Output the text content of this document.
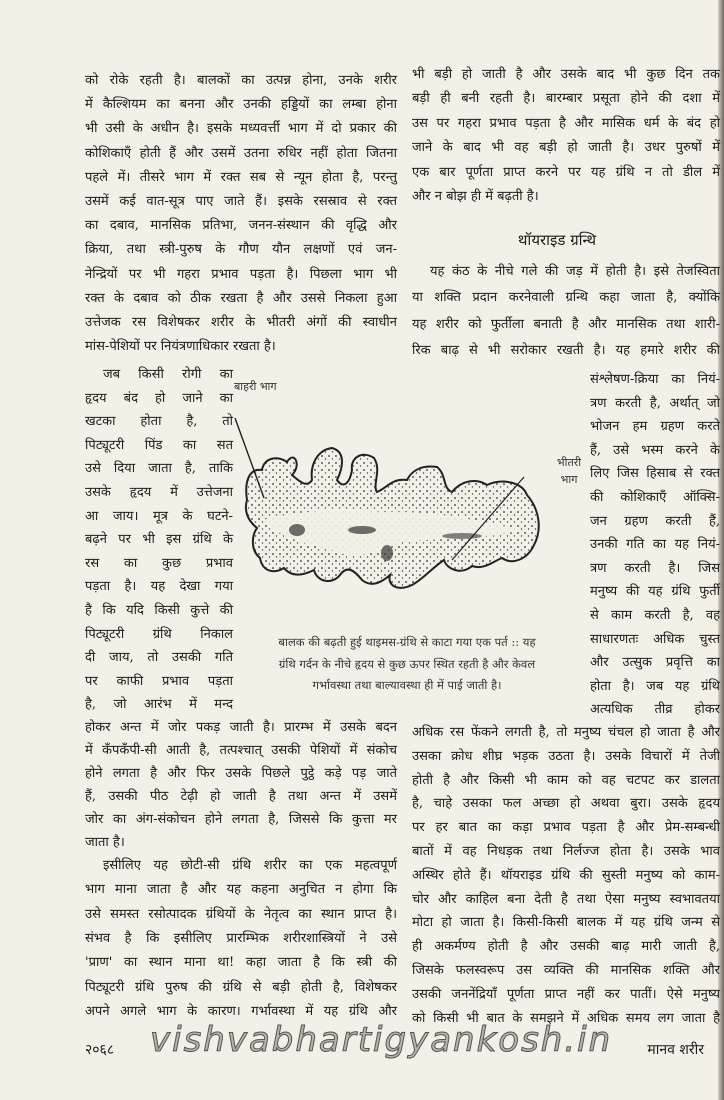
को रोके रहती है। बालकों का उत्पन्न होना, उनके शरीर
में कैल्शियम का बनना और उनकी हड्डियों का लम्बा होना
भी उसी के अधीन है। इसके मध्यवर्त्ती भाग में दो प्रकार की
कोशिकाएँ होती हैं और उसमें उतना रुधिर नहीं होता जितना
पहले में। तीसरे भाग में रक्त सब से न्यून होता है, परन्तु
उसमें कई वात-सूत्र पाए जाते हैं। इसके रसस्राव से रक्त
का दबाव, मानसिक प्रतिभा, जनन-संस्थान की वृद्धि और
क्रिया, तथा स्त्री-पुरुष के गौण यौन लक्षणों एवं जन-
नेन्द्रियों पर भी गहरा प्रभाव पड़ता है। पिछला भाग भी
रक्त के दबाव को ठीक रखता है और उससे निकला हुआ
उत्तेजक रस विशेषकर शरीर के भीतरी अंगों की स्वाधीन
मांस-पेशियों पर नियंत्रणाधिकार रखता है।
जब किसी रोगी का
हृदय बंद हो जाने का
खटका होता है, तो
पिट्यूटरी पिंड का सत
उसे दिया जाता है, ताकि
उसके हृदय में उत्तेजना
आ जाय। मूत्र के घटने-
बढ़ने पर भी इस ग्रंथि के
रस का कुछ प्रभाव
पड़ता है। यह देखा गया
है कि यदि किसी कुत्ते की
पिट्यूटरी ग्रंथि निकाल
दी जाय, तो उसकी गति
पर काफी प्रभाव पड़ता
है, जो आरंभ में मन्द
होकर अन्त में जोर पकड़ जाती है। प्रारम्भ में उसके बदन
में कँपकँपी-सी आती है, तत्पश्चात् उसकी पेशियों में संकोच
होने लगता है और फिर उसके पिछले पुट्ठे कड़े पड़ जाते
हैं, उसकी पीठ टेढ़ी हो जाती है तथा अन्त में उसमें
जोर का अंग-संकोचन होने लगता है, जिससे कि कुत्ता मर
जाता है।
इसीलिए यह छोटी-सी ग्रंथि शरीर का एक महत्वपूर्ण
भाग माना जाता है और यह कहना अनुचित न होगा कि
उसे समस्त रसोत्पादक ग्रंथियों के नेतृत्व का स्थान प्राप्त है।
संभव है कि इसीलिए प्रारम्भिक शरीरशास्त्रियों ने उसे
'प्राण' का स्थान माना था! कहा जाता है कि स्त्री की
पिट्यूटरी ग्रंथि पुरुष की ग्रंथि से बड़ी होती है, विशेषकर
अपने अगले भाग के कारण। गर्भावस्था में यह ग्रंथि और
भी बड़ी हो जाती है और उसके बाद भी कुछ दिन तक
बड़ी ही बनी रहती है। बारम्बार प्रसूता होने की दशा में
उस पर गहरा प्रभाव पड़ता है और मासिक धर्म के बंद हो
जाने के बाद भी वह बड़ी हो जाती है। उधर पुरुषों में
एक बार पूर्णता प्राप्त करने पर यह ग्रंथि न तो डील में
और न बोझ ही में बढ़ती है।
थॉयराइड ग्रन्थि
यह कंठ के नीचे गले की जड़ में होती है। इसे तेजस्विता
या शक्ति प्रदान करनेवाली ग्रन्थि कहा जाता है, क्योंकि
यह शरीर को फुर्तीला बनाती है और मानसिक तथा शारी-
रिक बाढ़ से भी सरोकार रखती है। यह हमारे शरीर की
संश्लेषण-क्रिया का नियं-
त्रण करती है, अर्थात् जो
भोजन हम ग्रहण करते
हैं, उसे भस्म करने के
लिए जिस हिसाब से रक्त
की कोशिकाएँ ऑक्सि-
जन ग्रहण करती हैं,
उनकी गति का यह नियं-
त्रण करती है। जिस
मनुष्य की यह ग्रंथि फुर्ती
से काम करती है, वह
साधारणतः अधिक चुस्त
और उत्सुक प्रवृत्ति का
होता है। जब यह ग्रंथि
अत्यधिक तीव्र होकर
अधिक रस फेंकने लगती है, तो मनुष्य चंचल हो जाता है और
उसका क्रोध शीघ्र भड़क उठता है। उसके विचारों में तेजी
होती है और किसी भी काम को वह चटपट कर डालता
है, चाहे उसका फल अच्छा हो अथवा बुरा। उसके हृदय
पर हर बात का कड़ा प्रभाव पड़ता है और प्रेम-सम्बन्धी
बातों में वह निधड़क तथा निर्लज्ज होता है। उसके भाव
अस्थिर होते हैं। थॉयराइड ग्रंथि की सुस्ती मनुष्य को काम-
चोर और काहिल बना देती है तथा ऐसा मनुष्य स्वभावतया
मोटा हो जाता है। किसी-किसी बालक में यह ग्रंथि जन्म से
ही अकर्मण्य होती है और उसकी बाढ़ मारी जाती है,
जिसके फलस्वरूप उस व्यक्ति की मानसिक शक्ति और
उसकी जननेंद्रियाँ पूर्णता प्राप्त नहीं कर पातीं। ऐसे मनुष्य
को किसी भी बात के समझने में अधिक समय लग जाता है
बाहरी भाग
भीतरी
भाग
बालक की बढ़ती हुई थाइमस-ग्रंथि से काटा गया एक पर्त :: यह
ग्रंथि गर्दन के नीचे हृदय से कुछ ऊपर स्थित रहती है और केवल
गर्भावस्था तथा बाल्यावस्था ही में पाई जाती है।
२०६८ vishvabhartigyankosh.in	मानव शरीर
